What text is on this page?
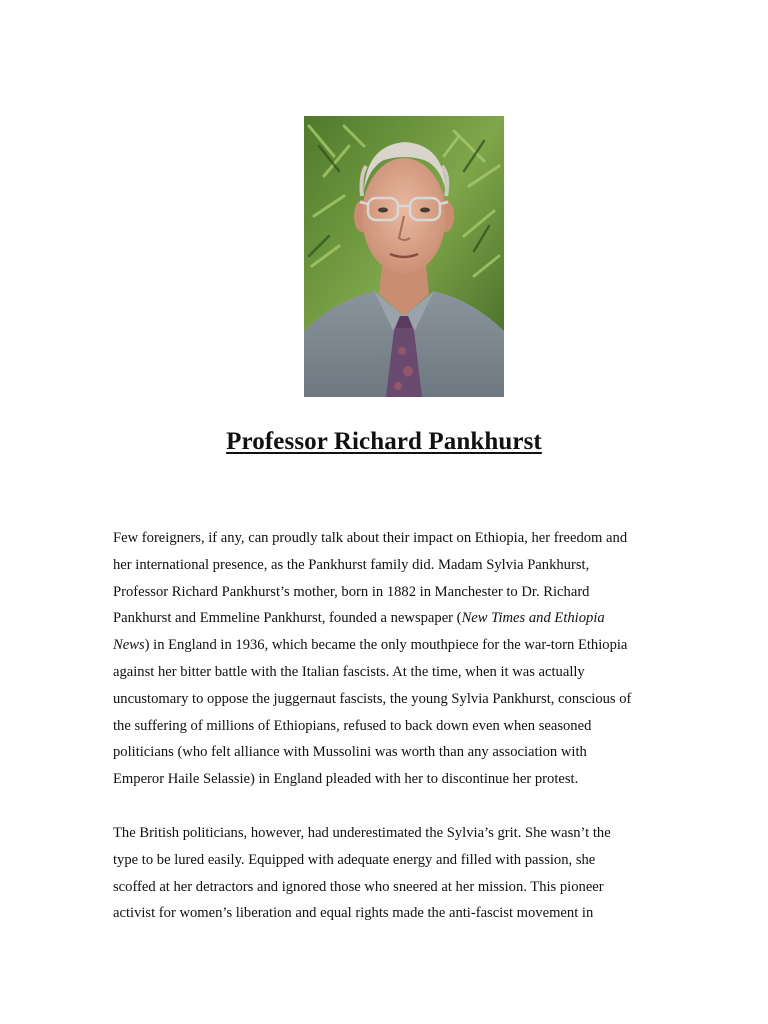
Professor Richard Pankhurst

Few foreigners, if any, can proudly talk about their impact on Ethiopia, her freedom and
her international presence, as the Pankhurst family did. Madam Sylvia Pankhurst,
Professor Richard Pankhurst’s mother, born in 1882 in Manchester to Dr. Richard
Pankhurst and Emmeline Pankhurst, founded a newspaper (New Times and Ethiopia
News) in England in 1936, which became the only mouthpiece for the war-torn Ethiopia
against her bitter battle with the Italian fascists. At the time, when it was actually
uncustomary to oppose the juggernaut fascists, the young Sylvia Pankhurst, conscious of
the suffering of millions of Ethiopians, refused to back down even when seasoned
politicians (who felt alliance with Mussolini was worth than any association with
Emperor Haile Selassie) in England pleaded with her to discontinue her protest.

The British politicians, however, had underestimated the Sylvia’s grit. She wasn’t the
type to be lured easily. Equipped with adequate energy and filled with passion, she
scoffed at her detractors and ignored those who sneered at her mission. This pioneer
activist for women’s liberation and equal rights made the anti-fascist movement in
